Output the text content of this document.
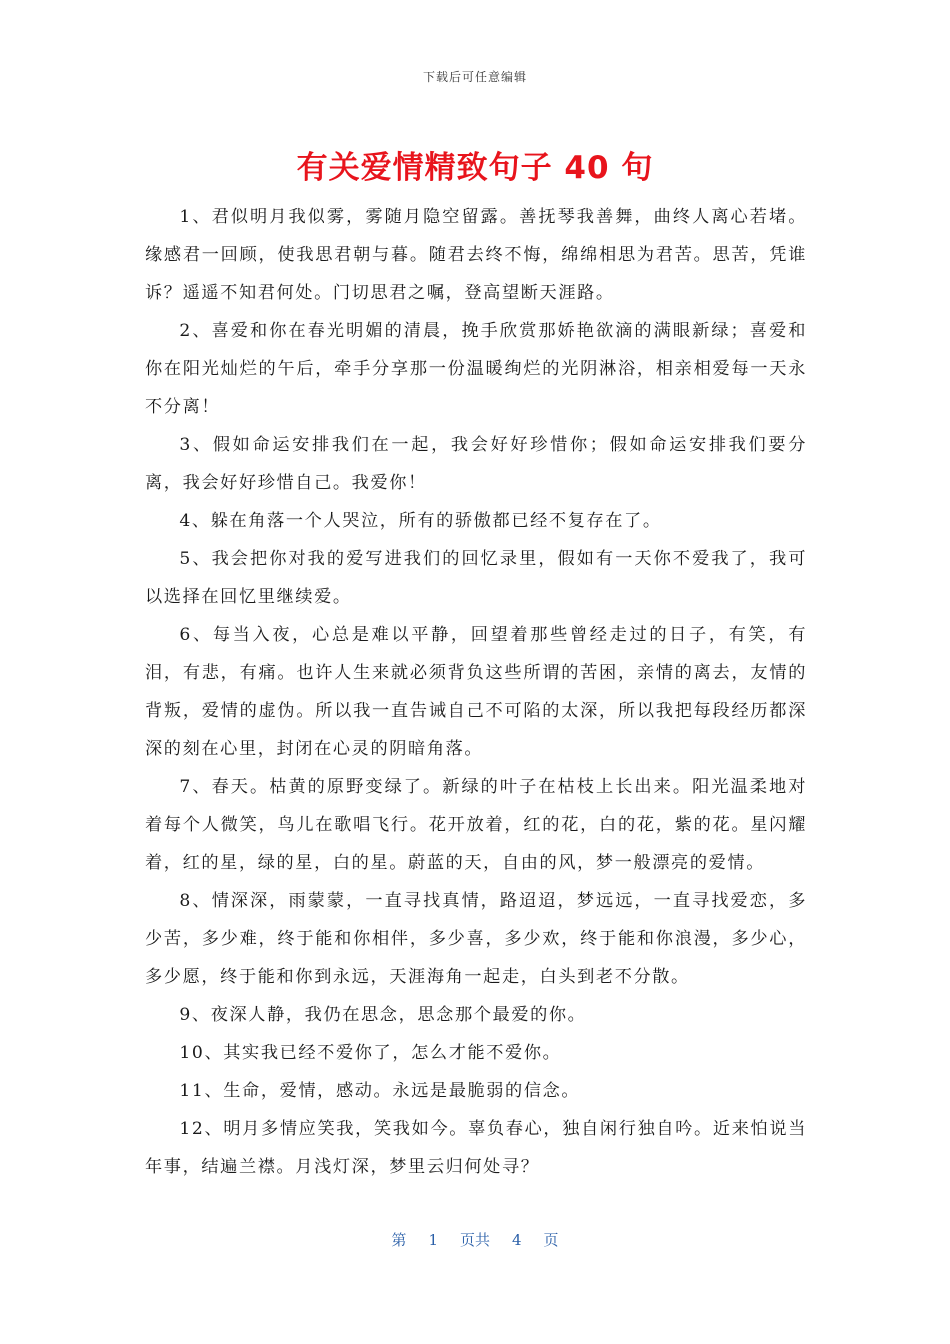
下载后可任意编辑
有关爱情精致句子 40 句

1、君似明月我似雾，雾随月隐空留露。善抚琴我善舞，曲终人离心若堵。缘感君一回顾，使我思君朝与暮。随君去终不悔，绵绵相思为君苦。思苦，凭谁诉？遥遥不知君何处。门切思君之嘱，登高望断天涯路。

2、喜爱和你在春光明媚的清晨，挽手欣赏那娇艳欲滴的满眼新绿；喜爱和你在阳光灿烂的午后，牵手分享那一份温暖绚烂的光阴淋浴，相亲相爱每一天永不分离！

3、假如命运安排我们在一起，我会好好珍惜你；假如命运安排我们要分离，我会好好珍惜自己。我爱你！

4、躲在角落一个人哭泣，所有的骄傲都已经不复存在了。

5、我会把你对我的爱写进我们的回忆录里，假如有一天你不爱我了，我可以选择在回忆里继续爱。

6、每当入夜，心总是难以平静，回望着那些曾经走过的日子，有笑，有泪，有悲，有痛。也许人生来就必须背负这些所谓的苦困，亲情的离去，友情的背叛，爱情的虚伪。所以我一直告诫自己不可陷的太深，所以我把每段经历都深深的刻在心里，封闭在心灵的阴暗角落。

7、春天。枯黄的原野变绿了。新绿的叶子在枯枝上长出来。阳光温柔地对着每个人微笑，鸟儿在歌唱飞行。花开放着，红的花，白的花，紫的花。星闪耀着，红的星，绿的星，白的星。蔚蓝的天，自由的风，梦一般漂亮的爱情。

8、情深深，雨蒙蒙，一直寻找真情，路迢迢，梦远远，一直寻找爱恋，多少苦，多少难，终于能和你相伴，多少喜，多少欢，终于能和你浪漫，多少心，多少愿，终于能和你到永远，天涯海角一起走，白头到老不分散。

9、夜深人静，我仍在思念，思念那个最爱的你。

10、其实我已经不爱你了，怎么才能不爱你。

11、生命，爱情，感动。永远是最脆弱的信念。

12、明月多情应笑我，笑我如今。辜负春心，独自闲行独自吟。近来怕说当年事，结遍兰襟。月浅灯深，梦里云归何处寻？

第 1 页共 4 页
